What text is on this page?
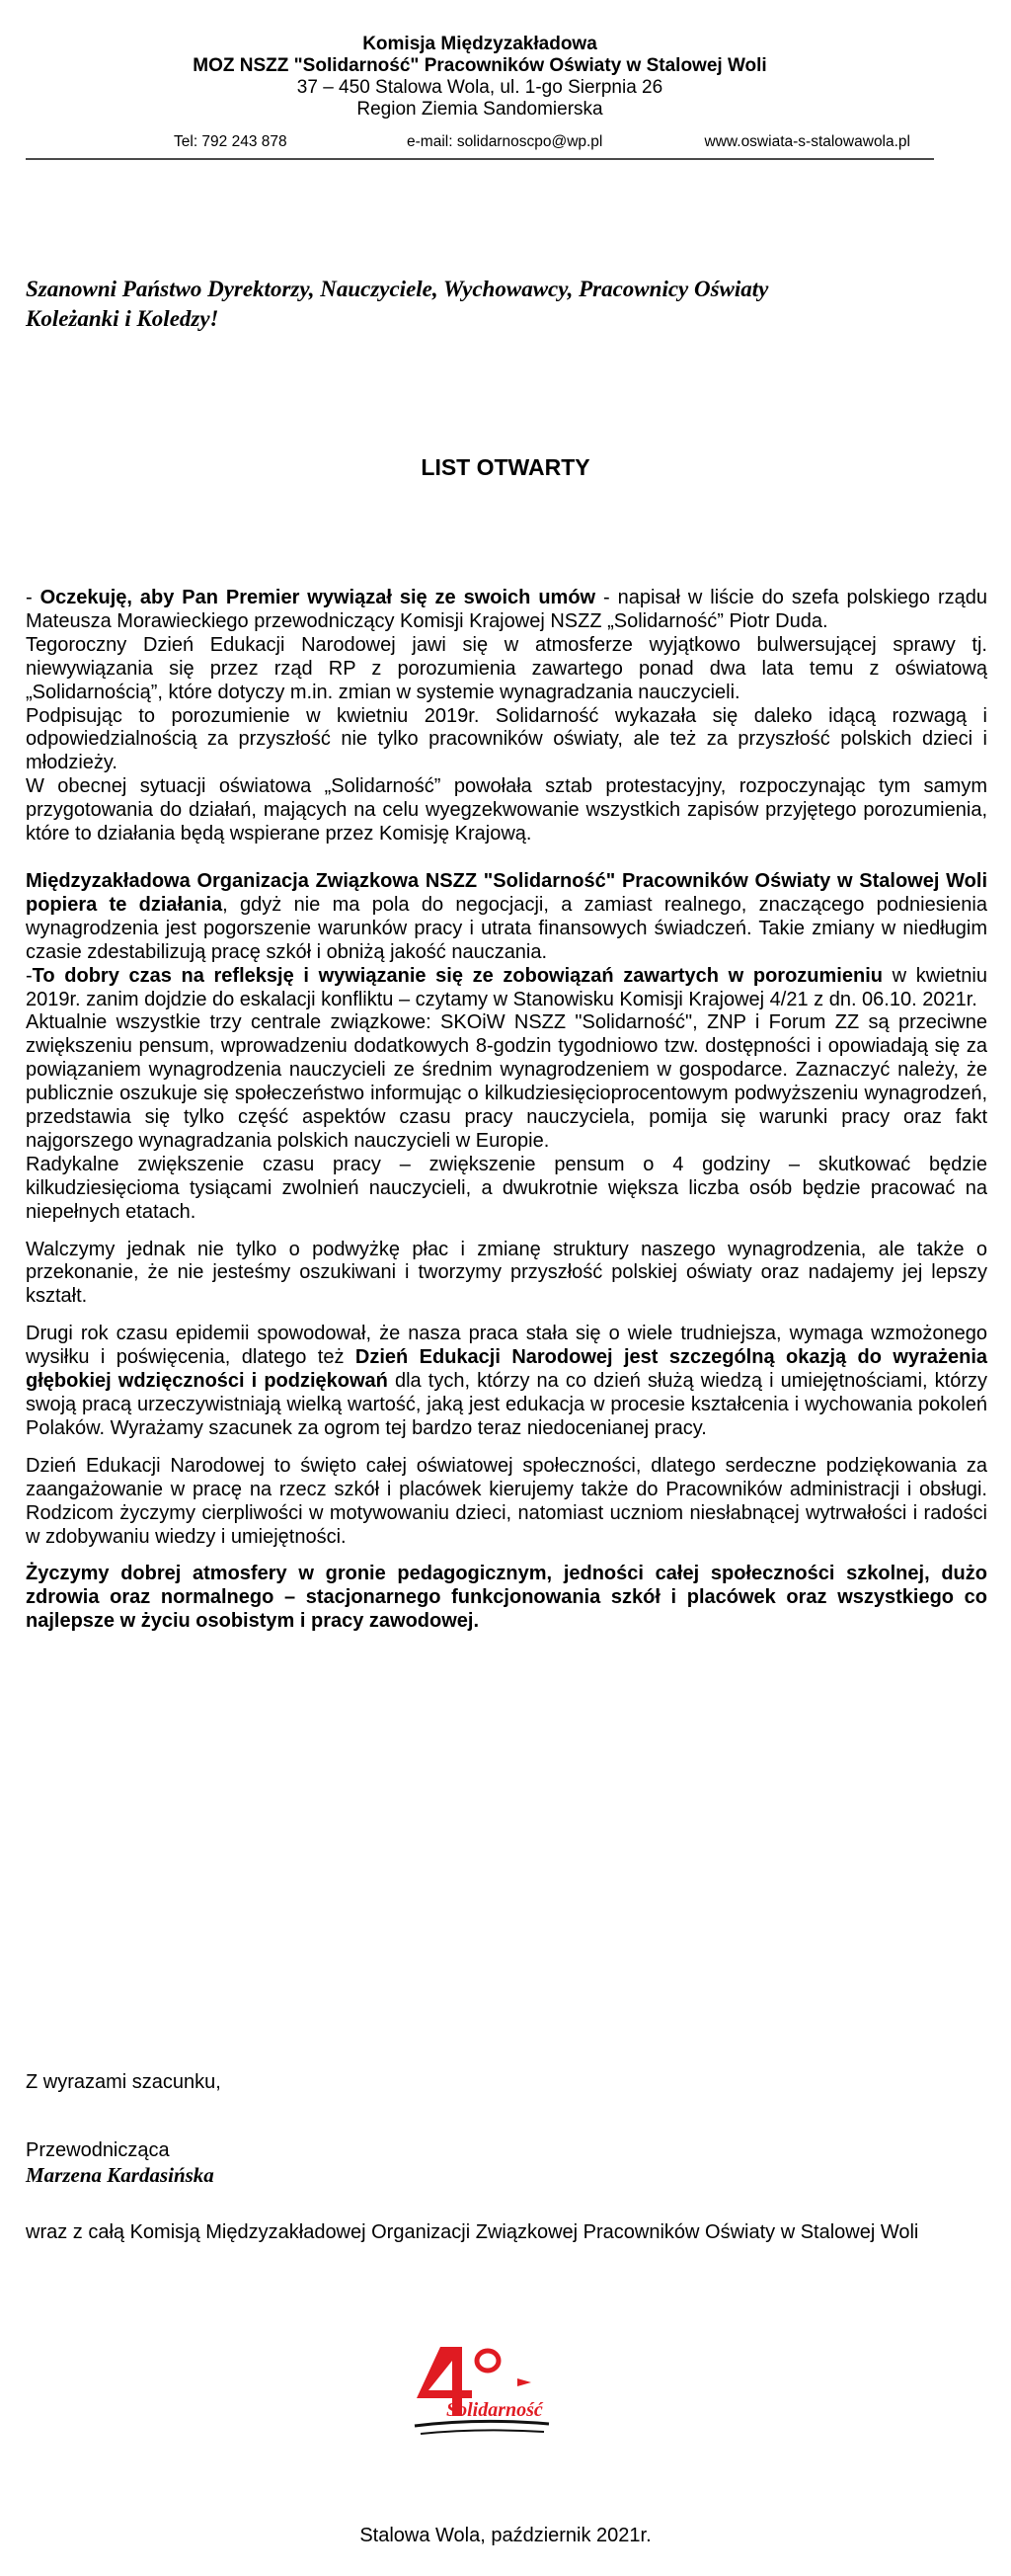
Komisja Międzyzakładowa
MOZ NSZZ "Solidarność" Pracowników Oświaty w Stalowej Woli
37 – 450 Stalowa Wola, ul. 1-go Sierpnia 26
Region Ziemia Sandomierska
Tel: 792 243 878	e-mail: solidarnoscpo@wp.pl	www.oswiata-s-stalowawola.pl
Szanowni Państwo Dyrektorzy, Nauczyciele, Wychowawcy, Pracownicy Oświaty
Koleżanki i Koledzy!
LIST OTWARTY

- Oczekuję, aby Pan Premier wywiązał się ze swoich umów - napisał w liście do szefa polskiego rządu Mateusza Morawieckiego przewodniczący Komisji Krajowej NSZZ „Solidarność” Piotr Duda.

Tegoroczny Dzień Edukacji Narodowej jawi się w atmosferze wyjątkowo bulwersującej sprawy tj. niewywiązania się przez rząd RP z porozumienia zawartego ponad dwa lata temu z oświatową „Solidarnością”, które dotyczy m.in. zmian w systemie wynagradzania nauczycieli.

Podpisując to porozumienie w kwietniu 2019r. Solidarność wykazała się daleko idącą rozwagą i odpowiedzialnością za przyszłość nie tylko pracowników oświaty, ale też za przyszłość polskich dzieci i młodzieży.

W obecnej sytuacji oświatowa „Solidarność” powołała sztab protestacyjny, rozpoczynając tym samym przygotowania do działań, mających na celu wyegzekwowanie wszystkich zapisów przyjętego porozumienia, które to działania będą wspierane przez Komisję Krajową.

Międzyzakładowa Organizacja Związkowa NSZZ "Solidarność" Pracowników Oświaty w Stalowej Woli popiera te działania, gdyż nie ma pola do negocjacji, a zamiast realnego, znaczącego podniesienia wynagrodzenia jest pogorszenie warunków pracy i utrata finansowych świadczeń. Takie zmiany w niedługim czasie zdestabilizują pracę szkół i obniżą jakość nauczania.

-To dobry czas na refleksję i wywiązanie się ze zobowiązań zawartych w porozumieniu w kwietniu 2019r. zanim dojdzie do eskalacji konfliktu – czytamy w Stanowisku Komisji Krajowej 4/21 z dn. 06.10. 2021r.

Aktualnie wszystkie trzy centrale związkowe: SKOiW NSZZ "Solidarność", ZNP i Forum ZZ są przeciwne zwiększeniu pensum, wprowadzeniu dodatkowych 8-godzin tygodniowo tzw. dostępności i opowiadają się za powiązaniem wynagrodzenia nauczycieli ze średnim wynagrodzeniem w gospodarce. Zaznaczyć należy, że publicznie oszukuje się społeczeństwo informując o kilkudziesięcioprocentowym podwyższeniu wynagrodzeń, przedstawia się tylko część aspektów czasu pracy nauczyciela, pomija się warunki pracy oraz fakt najgorszego wynagradzania polskich nauczycieli w Europie.

Radykalne zwiększenie czasu pracy – zwiększenie pensum o 4 godziny – skutkować będzie kilkudziesięcioma tysiącami zwolnień nauczycieli, a dwukrotnie większa liczba osób będzie pracować na niepełnych etatach.

Walczymy jednak nie tylko o podwyżkę płac i zmianę struktury naszego wynagrodzenia, ale także o przekonanie, że nie jesteśmy oszukiwani i tworzymy przyszłość polskiej oświaty oraz nadajemy jej lepszy kształt.

Drugi rok czasu epidemii spowodował, że nasza praca stała się o wiele trudniejsza, wymaga wzmożonego wysiłku i poświęcenia, dlatego też Dzień Edukacji Narodowej jest szczególną okazją do wyrażenia głębokiej wdzięczności i podziękowań dla tych, którzy na co dzień służą wiedzą i umiejętnościami, którzy swoją pracą urzeczywistniają wielką wartość, jaką jest edukacja w procesie kształcenia i wychowania pokoleń Polaków. Wyrażamy szacunek za ogrom tej bardzo teraz niedocenianej pracy.

Dzień Edukacji Narodowej to święto całej oświatowej społeczności, dlatego serdeczne podziękowania za zaangażowanie w pracę na rzecz szkół i placówek kierujemy także do Pracowników administracji i obsługi. Rodzicom życzymy cierpliwości w motywowaniu dzieci, natomiast uczniom niesłabnącej wytrwałości i radości w zdobywaniu wiedzy i umiejętności.

Życzymy dobrej atmosfery w gronie pedagogicznym, jedności całej społeczności szkolnej, dużo zdrowia oraz normalnego – stacjonarnego funkcjonowania szkół i placówek oraz wszystkiego co najlepsze w życiu osobistym i pracy zawodowej.

Z wyrazami szacunku,
Przewodnicząca
Marzena Kardasińska
wraz z całą Komisją Międzyzakładowej Organizacji Związkowej Pracowników Oświaty w Stalowej Woli
Solidarność
Stalowa Wola, październik 2021r.
